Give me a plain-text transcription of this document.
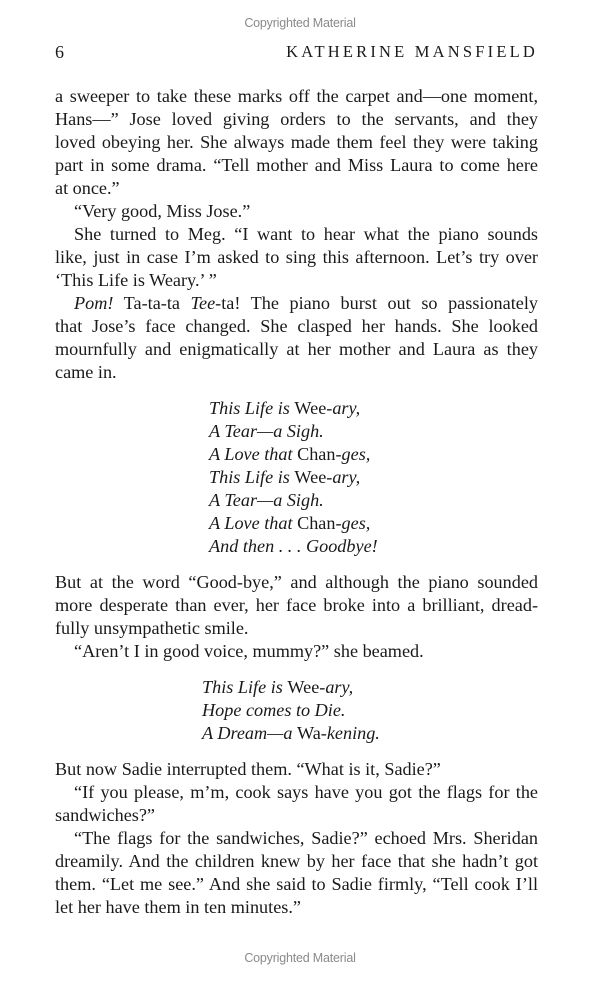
Copyrighted Material
6	KATHERINE MANSFIELD
a sweeper to take these marks off the carpet and—one moment,
Hans—” Jose loved giving orders to the servants, and they
loved obeying her. She always made them feel they were taking
part in some drama. “Tell mother and Miss Laura to come here
at once.”
“Very good, Miss Jose.”
She turned to Meg. “I want to hear what the piano sounds
like, just in case I’m asked to sing this afternoon. Let’s try over
‘This Life is Weary.’ ”
Pom! Ta-ta-ta Tee-ta! The piano burst out so passionately
that Jose’s face changed. She clasped her hands. She looked
mournfully and enigmatically at her mother and Laura as they
came in.
This Life is Wee-ary,
A Tear—a Sigh.
A Love that Chan-ges,
This Life is Wee-ary,
A Tear—a Sigh.
A Love that Chan-ges,
And then . . . Goodbye!
But at the word “Good-bye,” and although the piano sounded
more desperate than ever, her face broke into a brilliant, dread-
fully unsympathetic smile.
“Aren’t I in good voice, mummy?” she beamed.
This Life is Wee-ary,
Hope comes to Die.
A Dream—a Wa-kening.
But now Sadie interrupted them. “What is it, Sadie?”
“If you please, m’m, cook says have you got the flags for the
sandwiches?”
“The flags for the sandwiches, Sadie?” echoed Mrs. Sheridan
dreamily. And the children knew by her face that she hadn’t got
them. “Let me see.” And she said to Sadie firmly, “Tell cook I’ll
let her have them in ten minutes.”
Copyrighted Material
